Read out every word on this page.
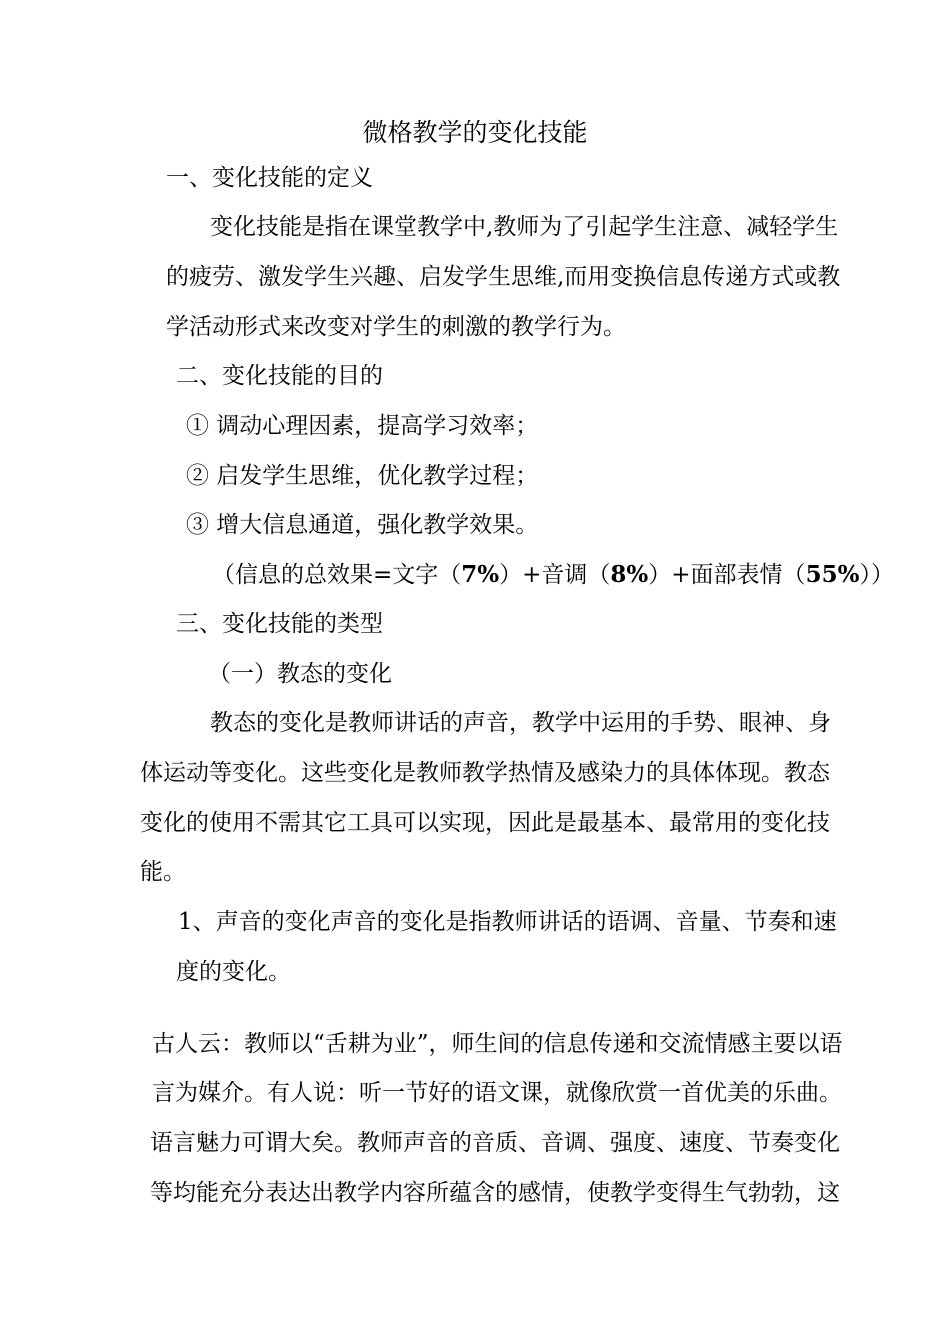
微格教学的变化技能
一、变化技能的定义
变化技能是指在课堂教学中,教师为了引起学生注意、减轻学生
的疲劳、激发学生兴趣、启发学生思维,而用变换信息传递方式或教
学活动形式来改变对学生的刺激的教学行为。
二、变化技能的目的
① 调动心理因素，提高学习效率；
② 启发学生思维，优化教学过程；
③ 增大信息通道，强化教学效果。
（信息的总效果=文字（7%）+音调（8%）+面部表情（55%））
三、变化技能的类型
（一）教态的变化
教态的变化是教师讲话的声音，教学中运用的手势、眼神、身
体运动等变化。这些变化是教师教学热情及感染力的具体体现。教态
变化的使用不需其它工具可以实现，因此是最基本、最常用的变化技
能。
1、声音的变化声音的变化是指教师讲话的语调、音量、节奏和速
度的变化。
古人云：教师以“舌耕为业”，师生间的信息传递和交流情感主要以语
言为媒介。有人说：听一节好的语文课，就像欣赏一首优美的乐曲。
语言魅力可谓大矣。教师声音的音质、音调、强度、速度、节奏变化
等均能充分表达出教学内容所蕴含的感情，使教学变得生气勃勃，这
